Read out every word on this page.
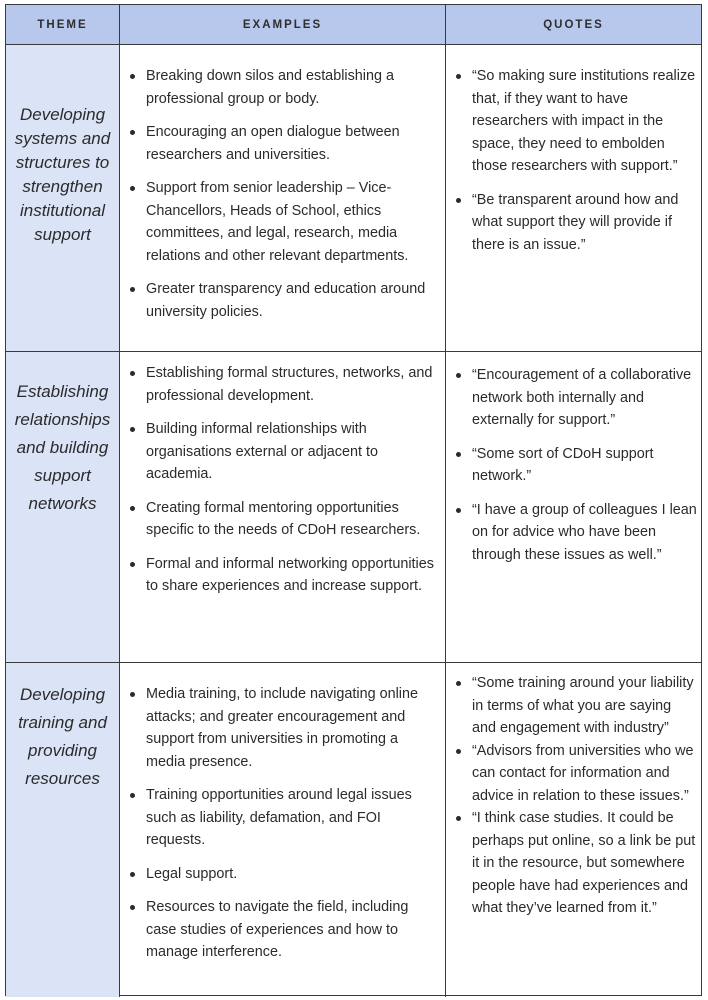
THEME	EXAMPLES	QUOTES
Developing systems and structures to strengthen institutional support
Breaking down silos and establishing a professional group or body.
Encouraging an open dialogue between researchers and universities.
Support from senior leadership – Vice-Chancellors, Heads of School, ethics committees, and legal, research, media relations and other relevant departments.
Greater transparency and education around university policies.
“So making sure institutions realize that, if they want to have researchers with impact in the space, they need to embolden those researchers with support.”
“Be transparent around how and what support they will provide if there is an issue.”
Establishing relationships and building support networks
Establishing formal structures, networks, and professional development.
Building informal relationships with organisations external or adjacent to academia.
Creating formal mentoring opportunities specific to the needs of CDoH researchers.
Formal and informal networking opportunities to share experiences and increase support.
“Encouragement of a collaborative network both internally and externally for support.”
“Some sort of CDoH support network.”
“I have a group of colleagues I lean on for advice who have been through these issues as well.”
Developing training and providing resources
Media training, to include navigating online attacks; and greater encouragement and support from universities in promoting a media presence.
Training opportunities around legal issues such as liability, defamation, and FOI requests.
Legal support.
Resources to navigate the field, including case studies of experiences and how to manage interference.
“Some training around your liability in terms of what you are saying and engagement with industry”
“Advisors from universities who we can contact for information and advice in relation to these issues.”
“I think case studies. It could be perhaps put online, so a link be put it in the resource, but somewhere people have had experiences and what they’ve learned from it.”
